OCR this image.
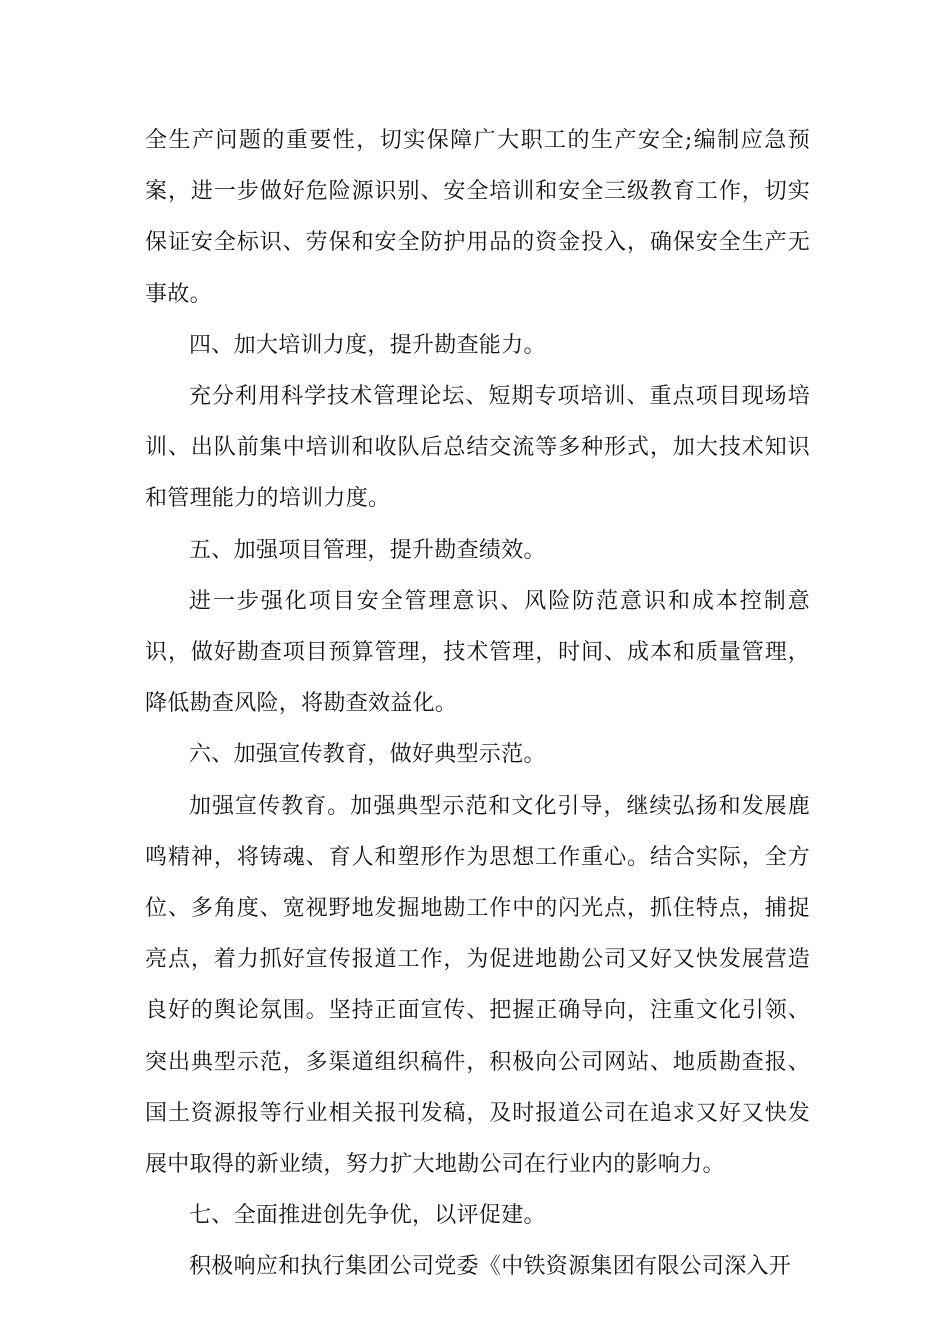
全生产问题的重要性，切实保障广大职工的生产安全;编制应急预案，进一步做好危险源识别、安全培训和安全三级教育工作，切实保证安全标识、劳保和安全防护用品的资金投入，确保安全生产无事故。

四、加大培训力度，提升勘查能力。

充分利用科学技术管理论坛、短期专项培训、重点项目现场培训、出队前集中培训和收队后总结交流等多种形式，加大技术知识和管理能力的培训力度。

五、加强项目管理，提升勘查绩效。

进一步强化项目安全管理意识、风险防范意识和成本控制意识，做好勘查项目预算管理，技术管理，时间、成本和质量管理，降低勘查风险，将勘查效益化。

六、加强宣传教育，做好典型示范。

加强宣传教育。加强典型示范和文化引导，继续弘扬和发展鹿鸣精神，将铸魂、育人和塑形作为思想工作重心。结合实际，全方位、多角度、宽视野地发掘地勘工作中的闪光点，抓住特点，捕捉亮点，着力抓好宣传报道工作，为促进地勘公司又好又快发展营造良好的舆论氛围。坚持正面宣传、把握正确导向，注重文化引领、突出典型示范，多渠道组织稿件，积极向公司网站、地质勘查报、国土资源报等行业相关报刊发稿，及时报道公司在追求又好又快发展中取得的新业绩，努力扩大地勘公司在行业内的影响力。

七、全面推进创先争优，以评促建。

积极响应和执行集团公司党委《中铁资源集团有限公司深入开
